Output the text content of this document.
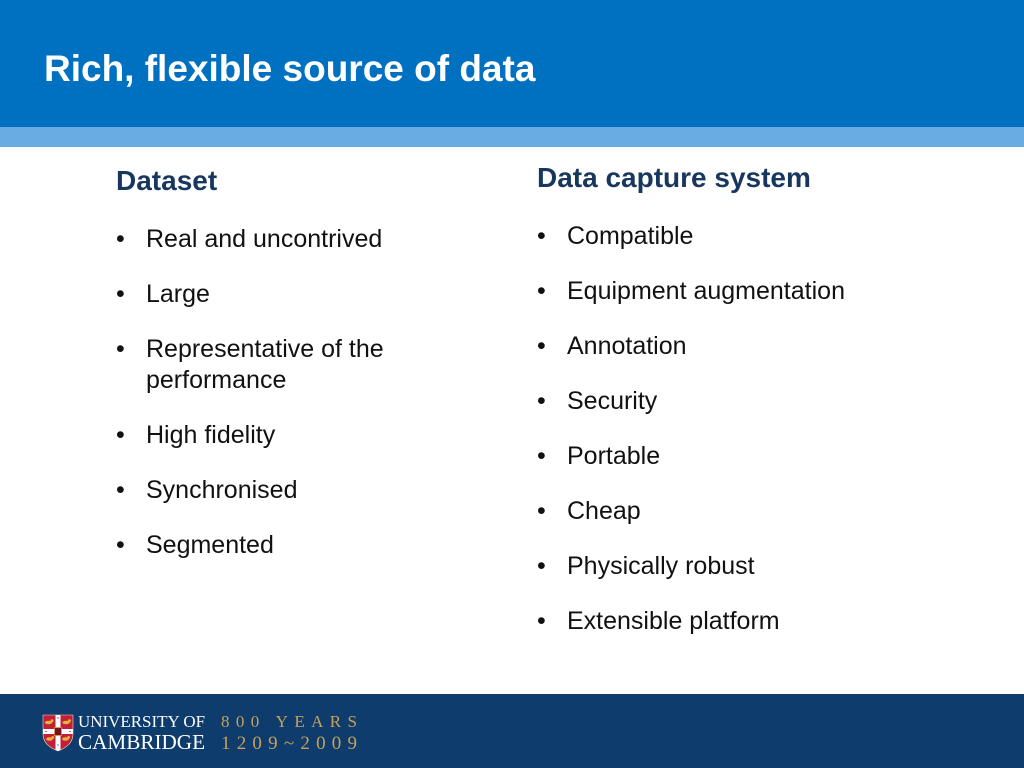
Rich, flexible source of data
Dataset
•
Real and uncontrived
•
Large
•
Representative of the performance
•
High fidelity
•
Synchronised
•
Segmented
Data capture system
•
Compatible
•
Equipment augmentation
•
Annotation
•
Security
•
Portable
•
Cheap
•
Physically robust
•
Extensible platform
UNIVERSITY OF
CAMBRIDGE
800 YEARS
1209~2009
